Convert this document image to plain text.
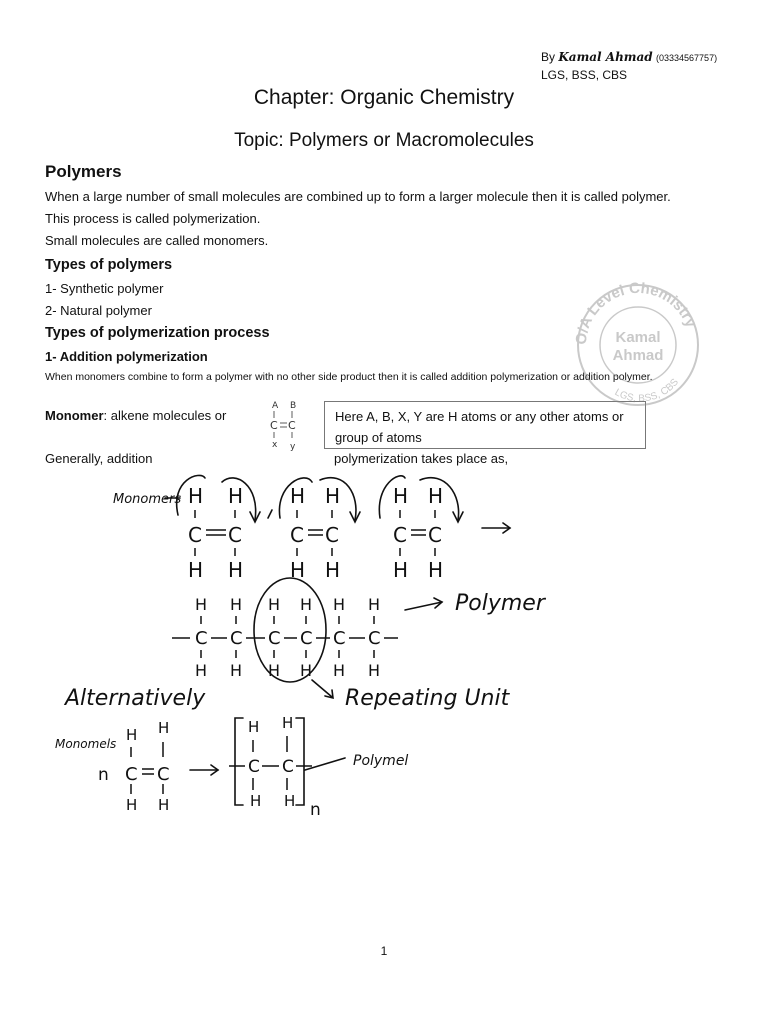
By Kamal Ahmad (03334567757)
LGS, BSS, CBS
Chapter: Organic Chemistry
Topic: Polymers or Macromolecules
Polymers
When a large number of small molecules are combined up to form a larger molecule then it is called polymer.
This process is called polymerization.
Small molecules are called monomers.
Types of polymers
1- Synthetic polymer
2- Natural polymer
Types of polymerization process
1- Addition polymerization
When monomers combine to form a polymer with no other side product then it is called addition polymerization or addition polymer.
Monomer: alkene molecules or	Here A, B, X, Y are H atoms or any other atoms or group of atoms
Generally, addition	polymerization takes place as,
A B
C C
x y
O/A Level Chemistry
Kamal
Ahmad
LGS, BSS, CBS
Monomers
Polymer
Repeating Unit
Alternatively
Monomels
Polymel
n
n
H H
C C
H H
H H
C C
H H
H H
C C
H H
H
C
H
H
C
H
H
C
H
H
C
H
H
C
H
H
C
H
H H
C C
H H
H H
C C
H H
1
